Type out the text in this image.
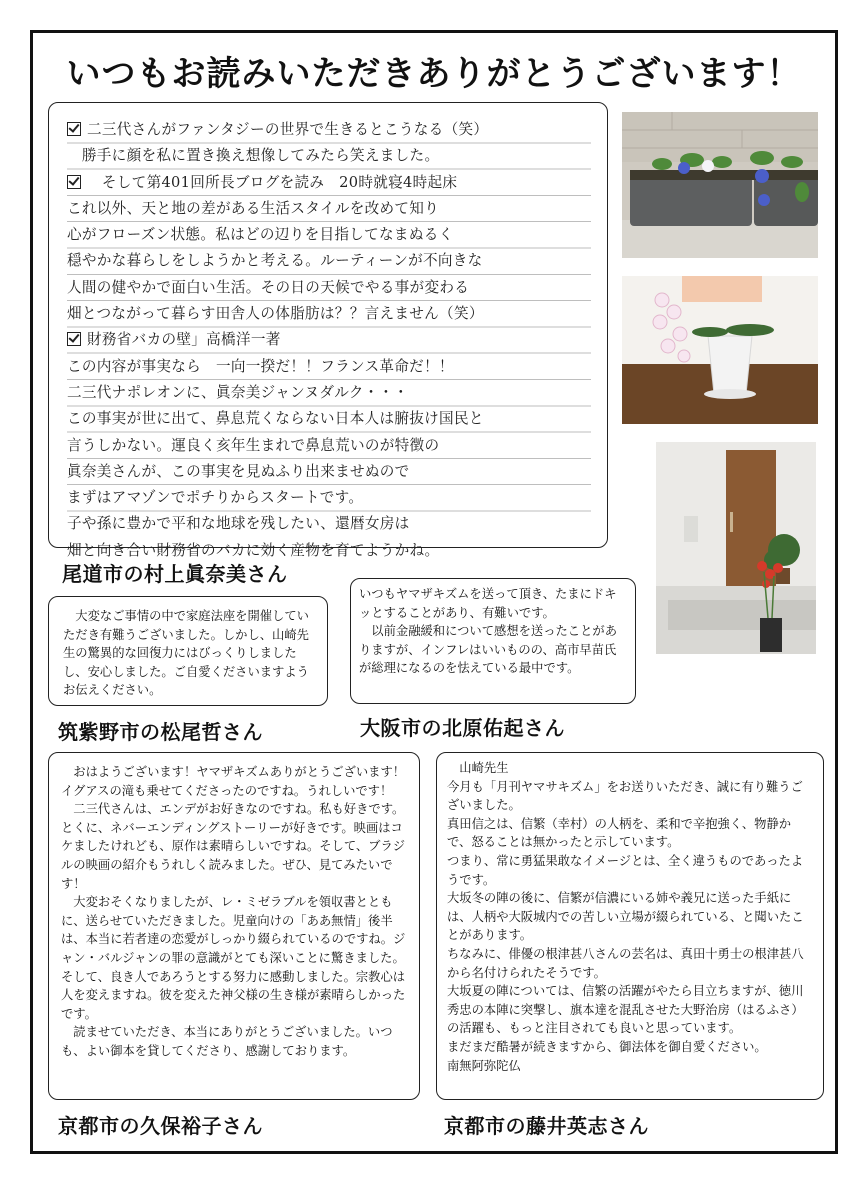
いつもお読みいただきありがとうございます！
二三代さんがファンタジーの世界で生きるとこうなる（笑）
　勝手に顔を私に置き換え想像してみたら笑えました。
　そして第401回所長ブログを読み　20時就寝4時起床
これ以外、天と地の差がある生活スタイルを改めて知り
心がフローズン状態。私はどの辺りを目指してなまぬるく
穏やかな暮らしをしようかと考える。ルーティーンが不向きな
人間の健やかで面白い生活。その日の天候でやる事が変わる
畑とつながって暮らす田舎人の体脂肪は？？言えません（笑）
財務省バカの壁」高橋洋一著
この内容が事実なら　一向一揆だ！！フランス革命だ！！
二三代ナポレオンに、眞奈美ジャンヌダルク・・・
この事実が世に出て、鼻息荒くならない日本人は腑抜け国民と
言うしかない。運良く亥年生まれで鼻息荒いのが特徴の
眞奈美さんが、この事実を見ぬふり出来ませぬので
まずはアマゾンでポチりからスタートです。
子や孫に豊かで平和な地球を残したい、還暦女房は
畑と向き合い財務省のバカに効く産物を育てようかね。
尾道市の村上眞奈美さん

　大変なご事情の中で家庭法座を開催していただき有難うございました。しかし、山崎先生の驚異的な回復力にはびっくりしましたし、安心しました。ご自愛くださいますようお伝えください。

筑紫野市の松尾哲さん

いつもヤマザキズムを送って頂き、たまにドキッとすることがあり、有難いです。
　以前金融緩和について感想を送ったことがありますが、インフレはいいものの、高市早苗氏が総理になるのを怯えている最中です。

大阪市の北原佑起さん

　おはようございます！ヤマザキズムありがとうございます！イグアスの滝も乗せてくださったのですね。うれしいです！
　二三代さんは、エンデがお好きなのですね。私も好きです。とくに、ネバーエンディングストーリーが好きです。映画はコケましたけれども、原作は素晴らしいですね。そして、ブラジルの映画の紹介もうれしく読みました。ぜひ、見てみたいです！
　大変おそくなりましたが、レ・ミゼラブルを領収書とともに、送らせていただきました。児童向けの「ああ無情」後半は、本当に若者達の恋愛がしっかり綴られているのですね。ジャン・バルジャンの罪の意識がとても深いことに驚きました。そして、良き人であろうとする努力に感動しました。宗教心は人を変えますね。彼を変えた神父様の生き様が素晴らしかったです。
　読ませていただき、本当にありがとうございました。いつも、よい御本を貸してくださり、感謝しております。

京都市の久保裕子さん

　山崎先生
今月も「月刊ヤマサキズム」をお送りいただき、誠に有り難うございました。
真田信之は、信繁（幸村）の人柄を、柔和で辛抱強く、物静かで、怒ることは無かったと示しています。
つまり、常に勇猛果敢なイメージとは、全く違うものであったようです。
大坂冬の陣の後に、信繁が信濃にいる姉や義兄に送った手紙には、人柄や大阪城内での苦しい立場が綴られている、と聞いたことがあります。
ちなみに、俳優の根津甚八さんの芸名は、真田十勇士の根津甚八から名付けられたそうです。
大坂夏の陣については、信繁の活躍がやたら目立ちますが、徳川秀忠の本陣に突撃し、旗本達を混乱させた大野治房（はるふさ）の活躍も、もっと注目されても良いと思っています。
まだまだ酷暑が続きますから、御法体を御自愛ください。
南無阿弥陀仏

京都市の藤井英志さん
